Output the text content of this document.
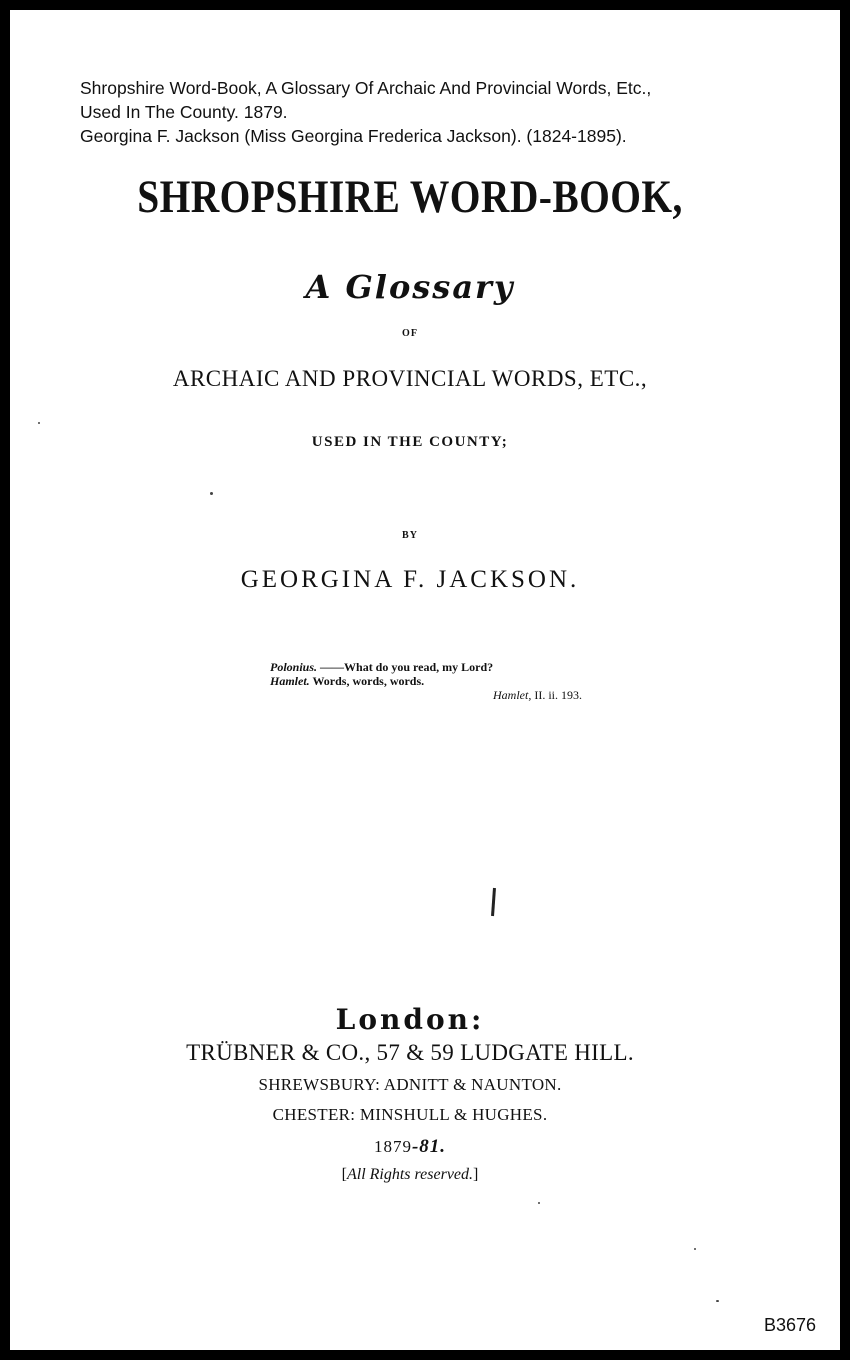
Shropshire Word-Book, A Glossary Of Archaic And Provincial Words, Etc.,
Used In The County. 1879.
Georgina F. Jackson (Miss Georgina Frederica Jackson). (1824-1895).
SHROPSHIRE WORD-BOOK,
A Glossary
OF
ARCHAIC AND PROVINCIAL WORDS, ETC.,
USED IN THE COUNTY;
BY
GEORGINA F. JACKSON.
Polonius. ——What do you read, my Lord?
Hamlet. Words, words, words.
Hamlet, II. ii. 193.
London:
TRÜBNER & CO., 57 & 59 LUDGATE HILL.
SHREWSBURY: ADNITT & NAUNTON.
CHESTER: MINSHULL & HUGHES.
1879-81.
[All Rights reserved.]
B3676
